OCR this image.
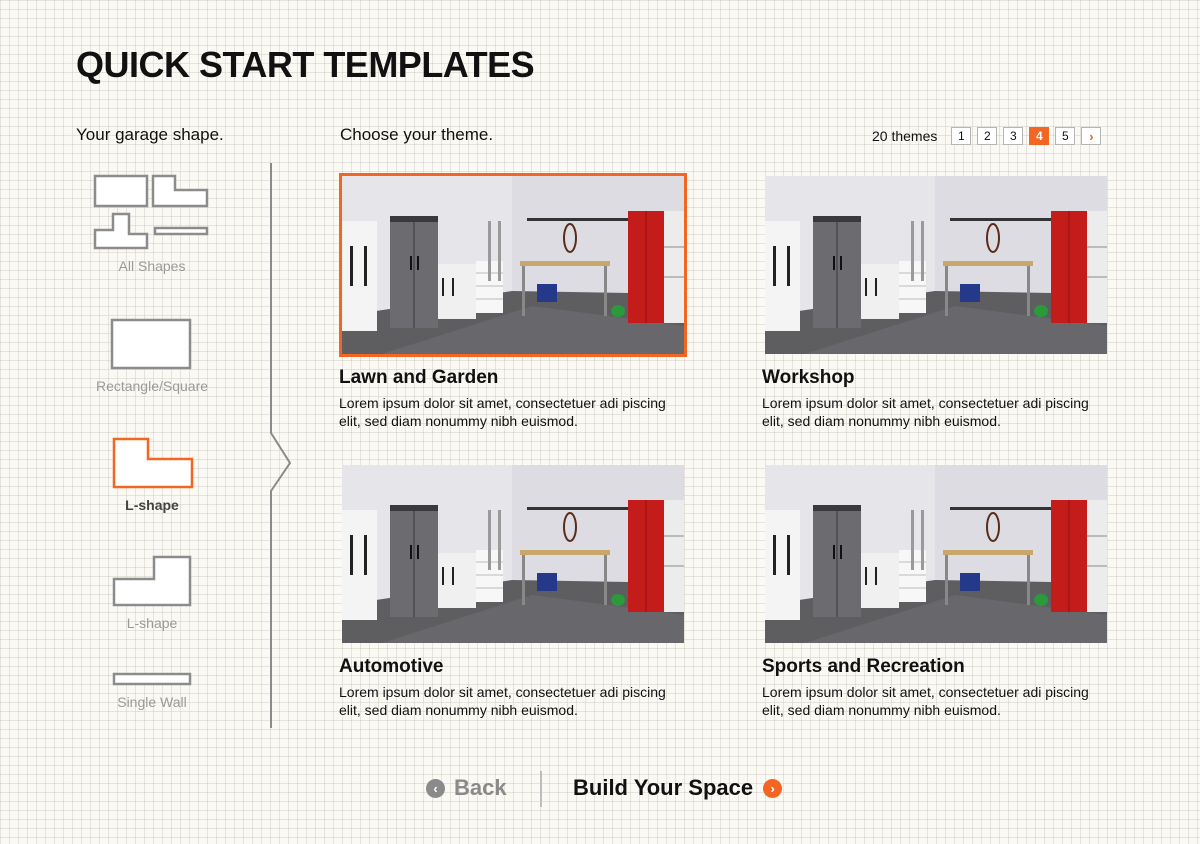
QUICK START TEMPLATES
Your garage shape.	Choose your theme.	20 themes	1	2	3	4	5	›
All Shapes
Rectangle/Square
L-shape
L-shape
Single Wall
Lawn and Garden
Lorem ipsum dolor sit amet, consectetuer adi piscing elit, sed diam nonummy nibh euismod.
Workshop
Lorem ipsum dolor sit amet, consectetuer adi piscing elit, sed diam nonummy nibh euismod.
Automotive
Lorem ipsum dolor sit amet, consectetuer adi piscing elit, sed diam nonummy nibh euismod.
Sports and Recreation
Lorem ipsum dolor sit amet, consectetuer adi piscing elit, sed diam nonummy nibh euismod.
‹ Back	Build Your Space	›
